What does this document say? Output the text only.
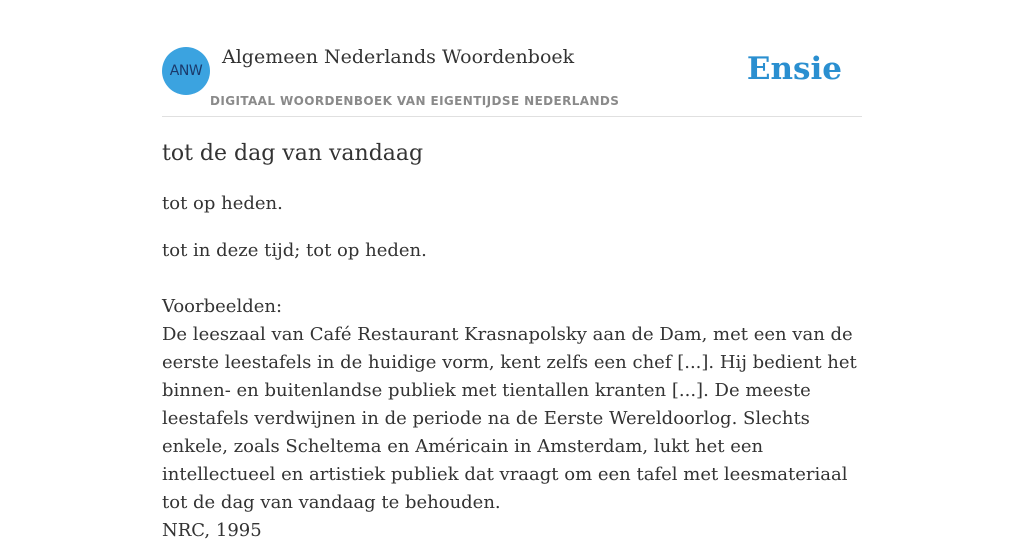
ANW
Algemeen Nederlands Woordenboek
DIGITAAL WOORDENBOEK VAN EIGENTIJDSE NEDERLANDS
Ensie
tot de dag van vandaag

tot op heden.

tot in deze tijd; tot op heden.

Voorbeelden:

De leeszaal van Café Restaurant Krasnapolsky aan de Dam, met een van de eerste leestafels in de huidige vorm, kent zelfs een chef [...]. Hij bedient het binnen- en buitenlandse publiek met tientallen kranten [...]. De meeste leestafels verdwijnen in de periode na de Eerste Wereldoorlog. Slechts enkele, zoals Scheltema en Américain in Amsterdam, lukt het een intellectueel en artistiek publiek dat vraagt om een tafel met leesmateriaal tot de dag van vandaag te behouden.

NRC, 1995
